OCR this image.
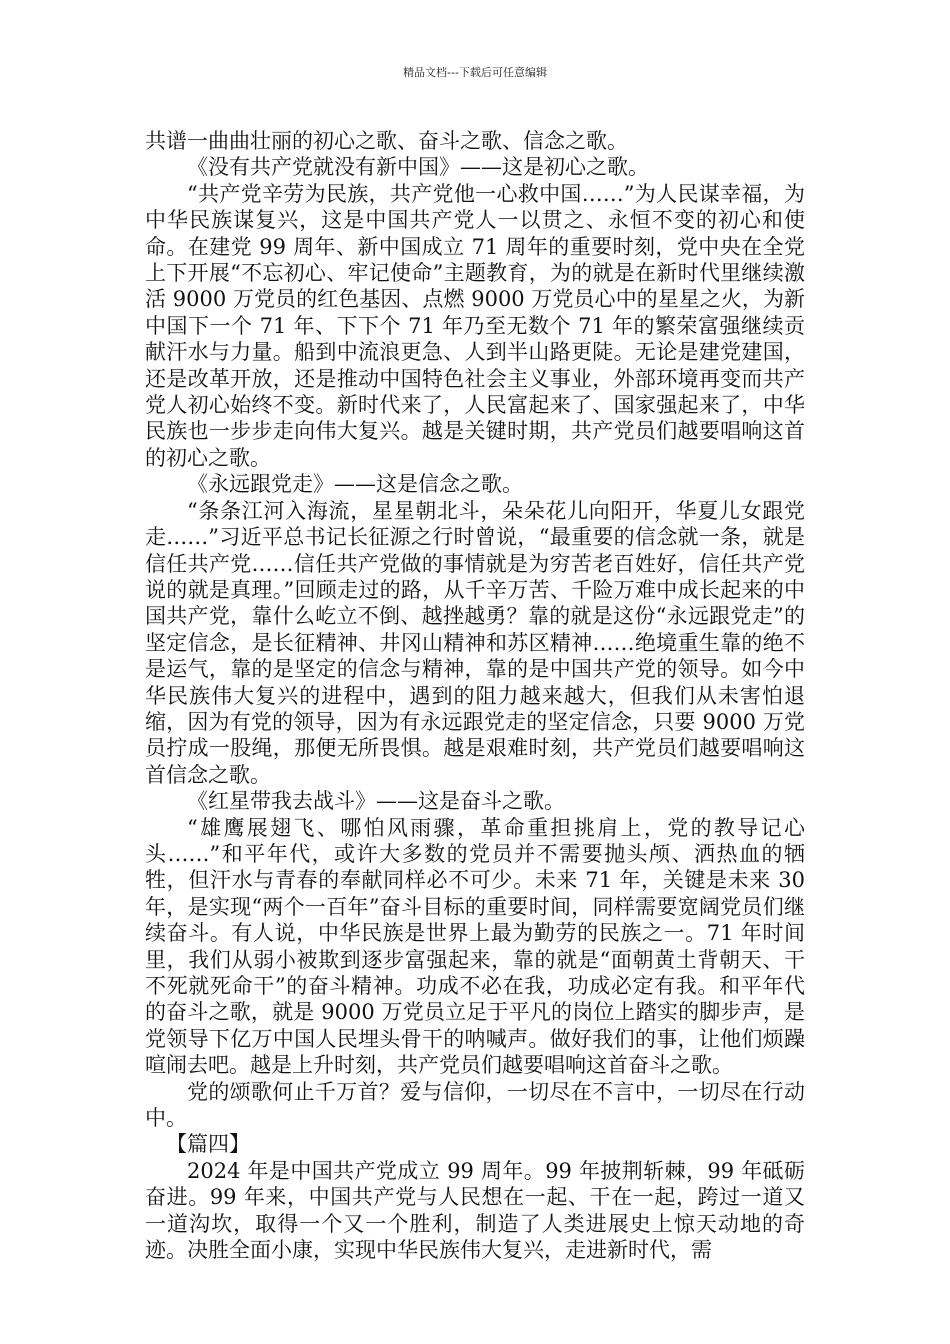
精品文档---下载后可任意编辑

共谱一曲曲壮丽的初心之歌、奋斗之歌、信念之歌。

《没有共产党就没有新中国》——这是初心之歌。

“共产党辛劳为民族，共产党他一心救中国……”为人民谋幸福，为中华民族谋复兴，这是中国共产党人一以贯之、永恒不变的初心和使命。在建党 99 周年、新中国成立 71 周年的重要时刻，党中央在全党上下开展“不忘初心、牢记使命”主题教育，为的就是在新时代里继续激活 9000 万党员的红色基因、点燃 9000 万党员心中的星星之火，为新中国下一个 71 年、下下个 71 年乃至无数个 71 年的繁荣富强继续贡献汗水与力量。船到中流浪更急、人到半山路更陡。无论是建党建国，还是改革开放，还是推动中国特色社会主义事业，外部环境再变而共产党人初心始终不变。新时代来了，人民富起来了、国家强起来了，中华民族也一步步走向伟大复兴。越是关键时期，共产党员们越要唱响这首的初心之歌。

《永远跟党走》——这是信念之歌。

“条条江河入海流，星星朝北斗，朵朵花儿向阳开，华夏儿女跟党走……”习近平总书记长征源之行时曾说，“最重要的信念就一条，就是信任共产党……信任共产党做的事情就是为穷苦老百姓好，信任共产党说的就是真理。”回顾走过的路，从千辛万苦、千险万难中成长起来的中国共产党，靠什么屹立不倒、越挫越勇？靠的就是这份“永远跟党走”的坚定信念，是长征精神、井冈山精神和苏区精神……绝境重生靠的绝不是运气，靠的是坚定的信念与精神，靠的是中国共产党的领导。如今中华民族伟大复兴的进程中，遇到的阻力越来越大，但我们从未害怕退缩，因为有党的领导，因为有永远跟党走的坚定信念，只要 9000 万党员拧成一股绳，那便无所畏惧。越是艰难时刻，共产党员们越要唱响这首信念之歌。

《红星带我去战斗》——这是奋斗之歌。

“雄鹰展翅飞、哪怕风雨骤，革命重担挑肩上，党的教导记心头……”和平年代，或许大多数的党员并不需要抛头颅、洒热血的牺牲，但汗水与青春的奉献同样必不可少。未来 71 年，关键是未来 30 年，是实现“两个一百年”奋斗目标的重要时间，同样需要宽阔党员们继续奋斗。有人说，中华民族是世界上最为勤劳的民族之一。71 年时间里，我们从弱小被欺到逐步富强起来，靠的就是“面朝黄土背朝天、干不死就死命干”的奋斗精神。功成不必在我，功成必定有我。和平年代的奋斗之歌，就是 9000 万党员立足于平凡的岗位上踏实的脚步声，是党领导下亿万中国人民埋头骨干的呐喊声。做好我们的事，让他们烦躁喧闹去吧。越是上升时刻，共产党员们越要唱响这首奋斗之歌。

党的颂歌何止千万首？爱与信仰，一切尽在不言中，一切尽在行动中。

【篇四】

2024 年是中国共产党成立 99 周年。99 年披荆斩棘，99 年砥砺奋进。99 年来，中国共产党与人民想在一起、干在一起，跨过一道又一道沟坎，取得一个又一个胜利，制造了人类进展史上惊天动地的奇迹。决胜全面小康，实现中华民族伟大复兴，走进新时代，需
